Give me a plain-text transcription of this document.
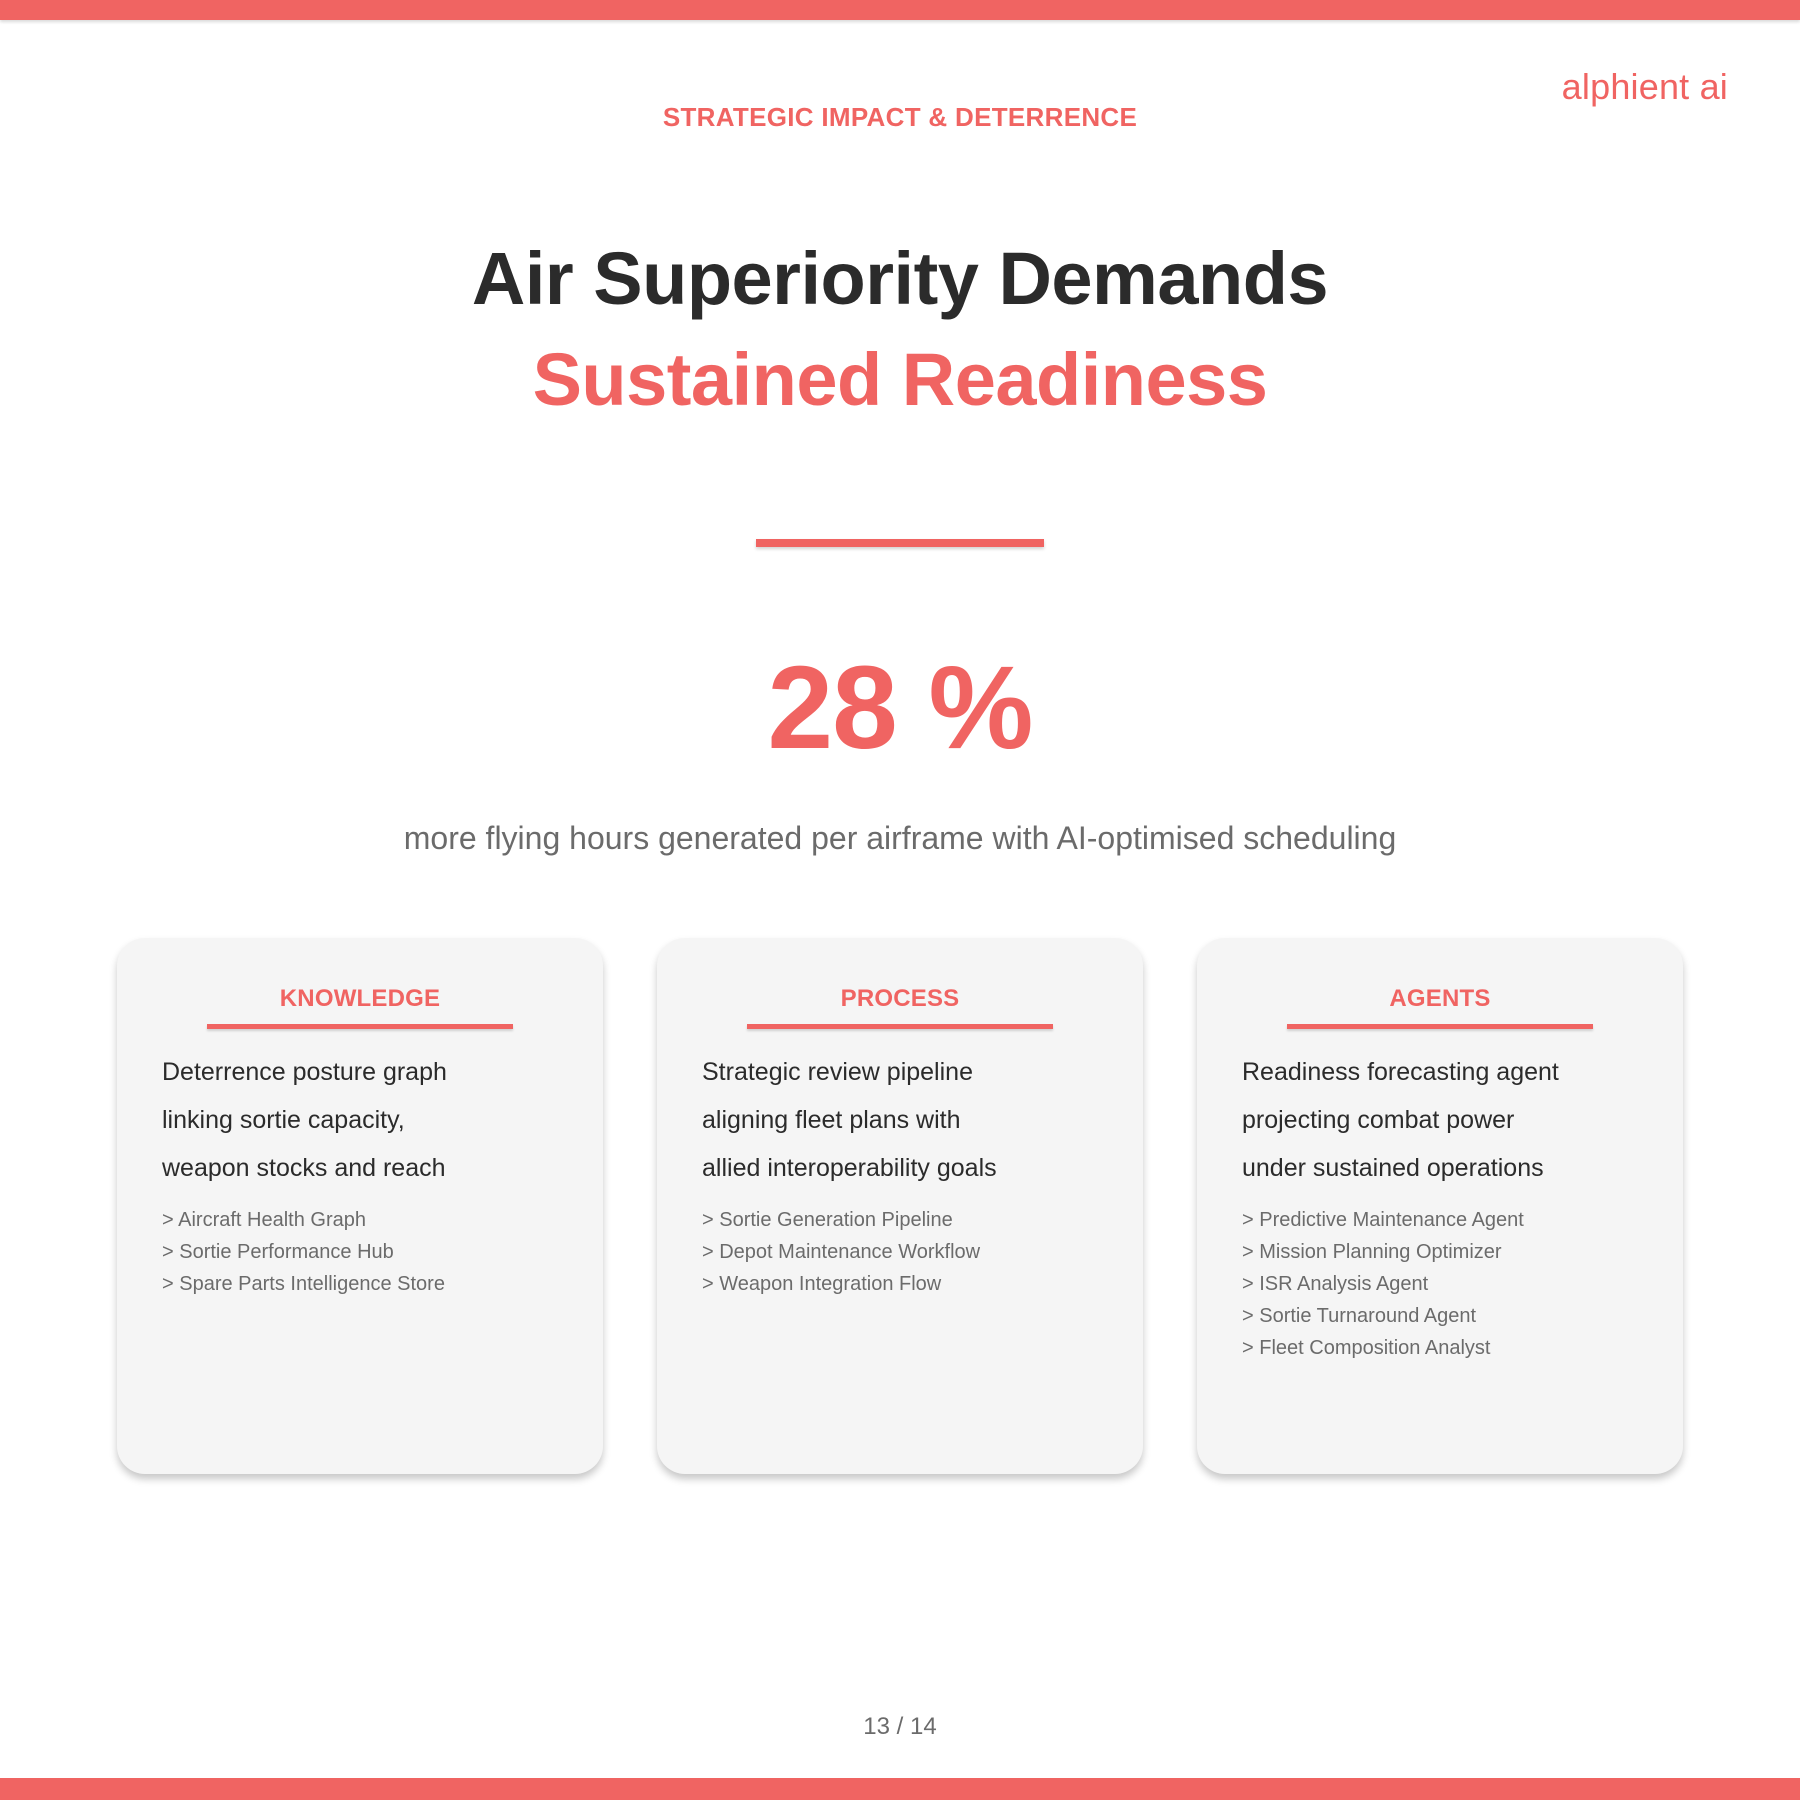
alphient ai
STRATEGIC IMPACT & DETERRENCE
Air Superiority Demands
Sustained Readiness
28 %
more flying hours generated per airframe with AI-optimised scheduling
KNOWLEDGE
Deterrence posture graph
linking sortie capacity,
weapon stocks and reach
> Aircraft Health Graph
> Sortie Performance Hub
> Spare Parts Intelligence Store
PROCESS
Strategic review pipeline
aligning fleet plans with
allied interoperability goals
> Sortie Generation Pipeline
> Depot Maintenance Workflow
> Weapon Integration Flow
AGENTS
Readiness forecasting agent
projecting combat power
under sustained operations
> Predictive Maintenance Agent
> Mission Planning Optimizer
> ISR Analysis Agent
> Sortie Turnaround Agent
> Fleet Composition Analyst
13 / 14
